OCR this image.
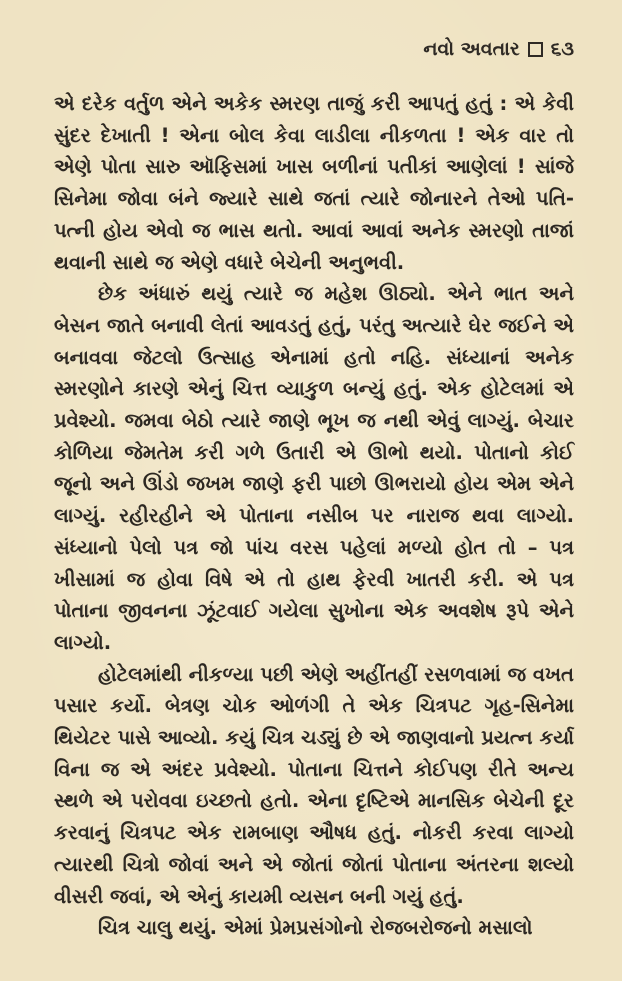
નવો અવતાર ૬૩

એ દરેક વર્તુળ એને અકેક સ્મરણ તાજું કરી આપતું હતું : એ કેવી સુંદર દેખાતી ! એના બોલ કેવા લાડીલા નીકળતા ! એક વાર તો એણે પોતા સારુ ઑફિસમાં ખાસ બળીનાં પતીકાં આણેલાં ! સાંજે સિનેમા જોવા બંને જ્યારે સાથે જતાં ત્યારે જોનારને તેઓ પતિ-પત્ની હોય એવો જ ભાસ થતો. આવાં આવાં અનેક સ્મરણો તાજાં થવાની સાથે જ એણે વધારે બેચેની અનુભવી.

છેક અંધારું થયું ત્યારે જ મહેશ ઊઠ્યો. એને ભાત અને બેસન જાતે બનાવી લેતાં આવડતું હતું, પરંતુ અત્યારે ઘેર જઈને એ બનાવવા જેટલો ઉત્સાહ એનામાં હતો નહિ. સંધ્યાનાં અનેક સ્મરણોને કારણે એનું ચિત્ત વ્યાકુળ બન્યું હતું. એક હોટેલમાં એ પ્રવેશ્યો. જમવા બેઠો ત્યારે જાણે ભૂખ જ નથી એવું લાગ્યું. બેચાર કોળિયા જેમતેમ કરી ગળે ઉતારી એ ઊભો થયો. પોતાનો કોઈ જૂનો અને ઊંડો જખમ જાણે ફરી પાછો ઊભરાયો હોય એમ એને લાગ્યું. રહીરહીને એ પોતાના નસીબ પર નારાજ થવા લાગ્યો. સંધ્યાનો પેલો પત્ર જો પાંચ વરસ પહેલાં મળ્યો હોત તો – પત્ર ખીસામાં જ હોવા વિષે એ તો હાથ ફેરવી ખાતરી કરી. એ પત્ર પોતાના જીવનના ઝૂંટવાઈ ગયેલા સુખોના એક અવશેષ રૂપે એને લાગ્યો.

હોટેલમાંથી નીકળ્યા પછી એણે અહીંતહીં રસળવામાં જ વખત પસાર કર્યો. બેત્રણ ચોક ઓળંગી તે એક ચિત્રપટ ગૃહ-સિનેમા થિયેટર પાસે આવ્યો. કયું ચિત્ર ચડ્યું છે એ જાણવાનો પ્રયત્ન કર્યા વિના જ એ અંદર પ્રવેશ્યો. પોતાના ચિત્તને કોઈપણ રીતે અન્ય સ્થળે એ પરોવવા ઇચ્છતો હતો. એના દૃષ્ટિએ માનસિક બેચેની દૂર કરવાનું ચિત્રપટ એક રામબાણ ઔષધ હતું. નોકરી કરવા લાગ્યો ત્યારથી ચિત્રો જોવાં અને એ જોતાં જોતાં પોતાના અંતરના શલ્યો વીસરી જવાં, એ એનું કાયમી વ્યસન બની ગયું હતું.

ચિત્ર ચાલુ થયું. એમાં પ્રેમપ્રસંગોનો રોજબરોજનો મસાલો
